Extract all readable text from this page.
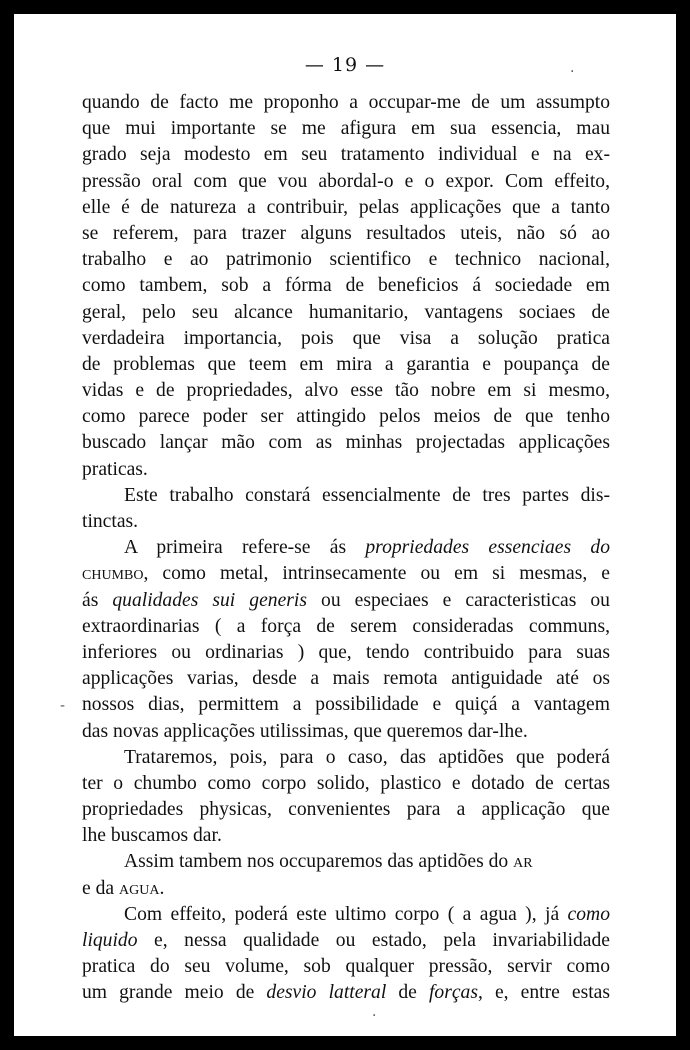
— 19 —
quando de facto me proponho a occupar-me de um assumpto
que mui importante se me afigura em sua essencia, mau
grado seja modesto em seu tratamento individual e na ex-
pressão oral com que vou abordal-o e o expor. Com effeito,
elle é de natureza a contribuir, pelas applicações que a tanto
se referem, para trazer alguns resultados uteis, não só ao
trabalho e ao patrimonio scientifico e technico nacional,
como tambem, sob a fórma de beneficios á sociedade em
geral, pelo seu alcance humanitario, vantagens sociaes de
verdadeira importancia, pois que visa a solução pratica
de problemas que teem em mira a garantia e poupança de
vidas e de propriedades, alvo esse tão nobre em si mesmo,
como parece poder ser attingido pelos meios de que tenho
buscado lançar mão com as minhas projectadas applicações
praticas.
Este trabalho constará essencialmente de tres partes dis-
tinctas.
A primeira refere-se ás propriedades essenciaes do
chumbo, como metal, intrinsecamente ou em si mesmas, e
ás qualidades sui generis ou especiaes e caracteristicas ou
extraordinarias ( a força de serem consideradas communs,
inferiores ou ordinarias ) que, tendo contribuido para suas
applicações varias, desde a mais remota antiguidade até os
nossos dias, permittem a possibilidade e quiçá a vantagem
das novas applicações utilissimas, que queremos dar-lhe.
Trataremos, pois, para o caso, das aptidões que poderá
ter o chumbo como corpo solido, plastico e dotado de certas
propriedades physicas, convenientes para a applicação que
lhe buscamos dar.
Assim tambem nos occuparemos das aptidões do ar
e da agua.
Com effeito, poderá este ultimo corpo ( a agua ), já como
liquido e, nessa qualidade ou estado, pela invariabilidade
pratica do seu volume, sob qualquer pressão, servir como
um grande meio de desvio latteral de forças, e, entre estas
.
-
.
